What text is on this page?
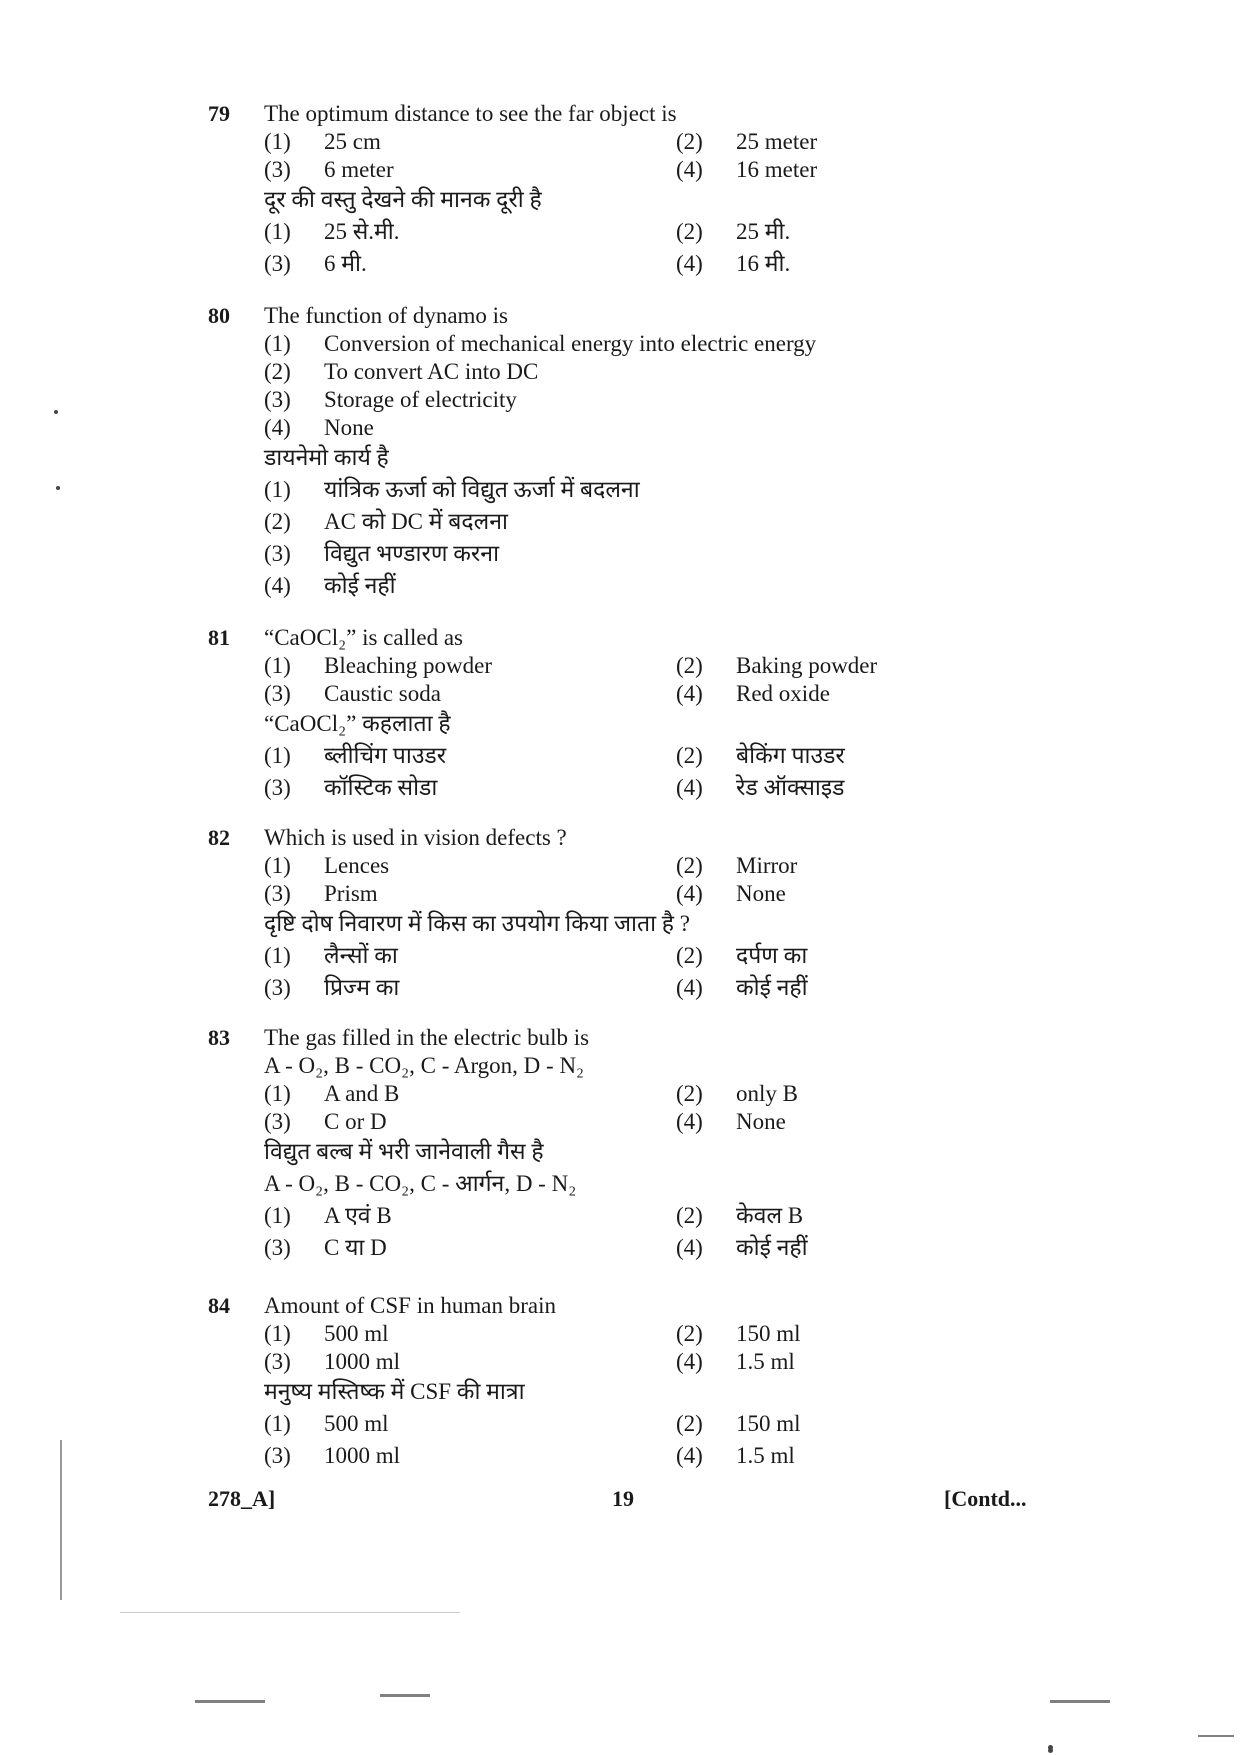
79 The optimum distance to see the far object is
(1) 25 cm	(2) 25 meter
(3) 6 meter	(4) 16 meter
दूर की वस्तु देखने की मानक दूरी है
(1) 25 से.मी.	(2) 25 मी.
(3) 6 मी.	(4) 16 मी.
80 The function of dynamo is
(1) Conversion of mechanical energy into electric energy
(2) To convert AC into DC
(3) Storage of electricity
(4) None
डायनेमो कार्य है
(1) यांत्रिक ऊर्जा को विद्युत ऊर्जा में बदलना
(2) AC को DC में बदलना
(3) विद्युत भण्डारण करना
(4) कोई नहीं
81 “CaOCl₂” is called as
(1) Bleaching powder	(2) Baking powder
(3) Caustic soda	(4) Red oxide
“CaOCl₂” कहलाता है
(1) ब्लीचिंग पाउडर	(2) बेकिंग पाउडर
(3) कॉस्टिक सोडा	(4) रेड ऑक्साइड
82 Which is used in vision defects ?
(1) Lences	(2) Mirror
(3) Prism	(4) None
दृष्टि दोष निवारण में किस का उपयोग किया जाता है ?
(1) लैन्सों का	(2) दर्पण का
(3) प्रिज्म का	(4) कोई नहीं
83 The gas filled in the electric bulb is
A - O₂, B - CO₂, C - Argon, D - N₂
(1) A and B	(2) only B
(3) C or D	(4) None
विद्युत बल्ब में भरी जानेवाली गैस है
A - O₂, B - CO₂, C - आर्गन, D - N₂
(1) A एवं B	(2) केवल B
(3) C या D	(4) कोई नहीं
84 Amount of CSF in human brain
(1) 500 ml	(2) 150 ml
(3) 1000 ml	(4) 1.5 ml
मनुष्य मस्तिष्क में CSF की मात्रा
(1) 500 ml	(2) 150 ml
(3) 1000 ml	(4) 1.5 ml
278_A]	19	[Contd...
